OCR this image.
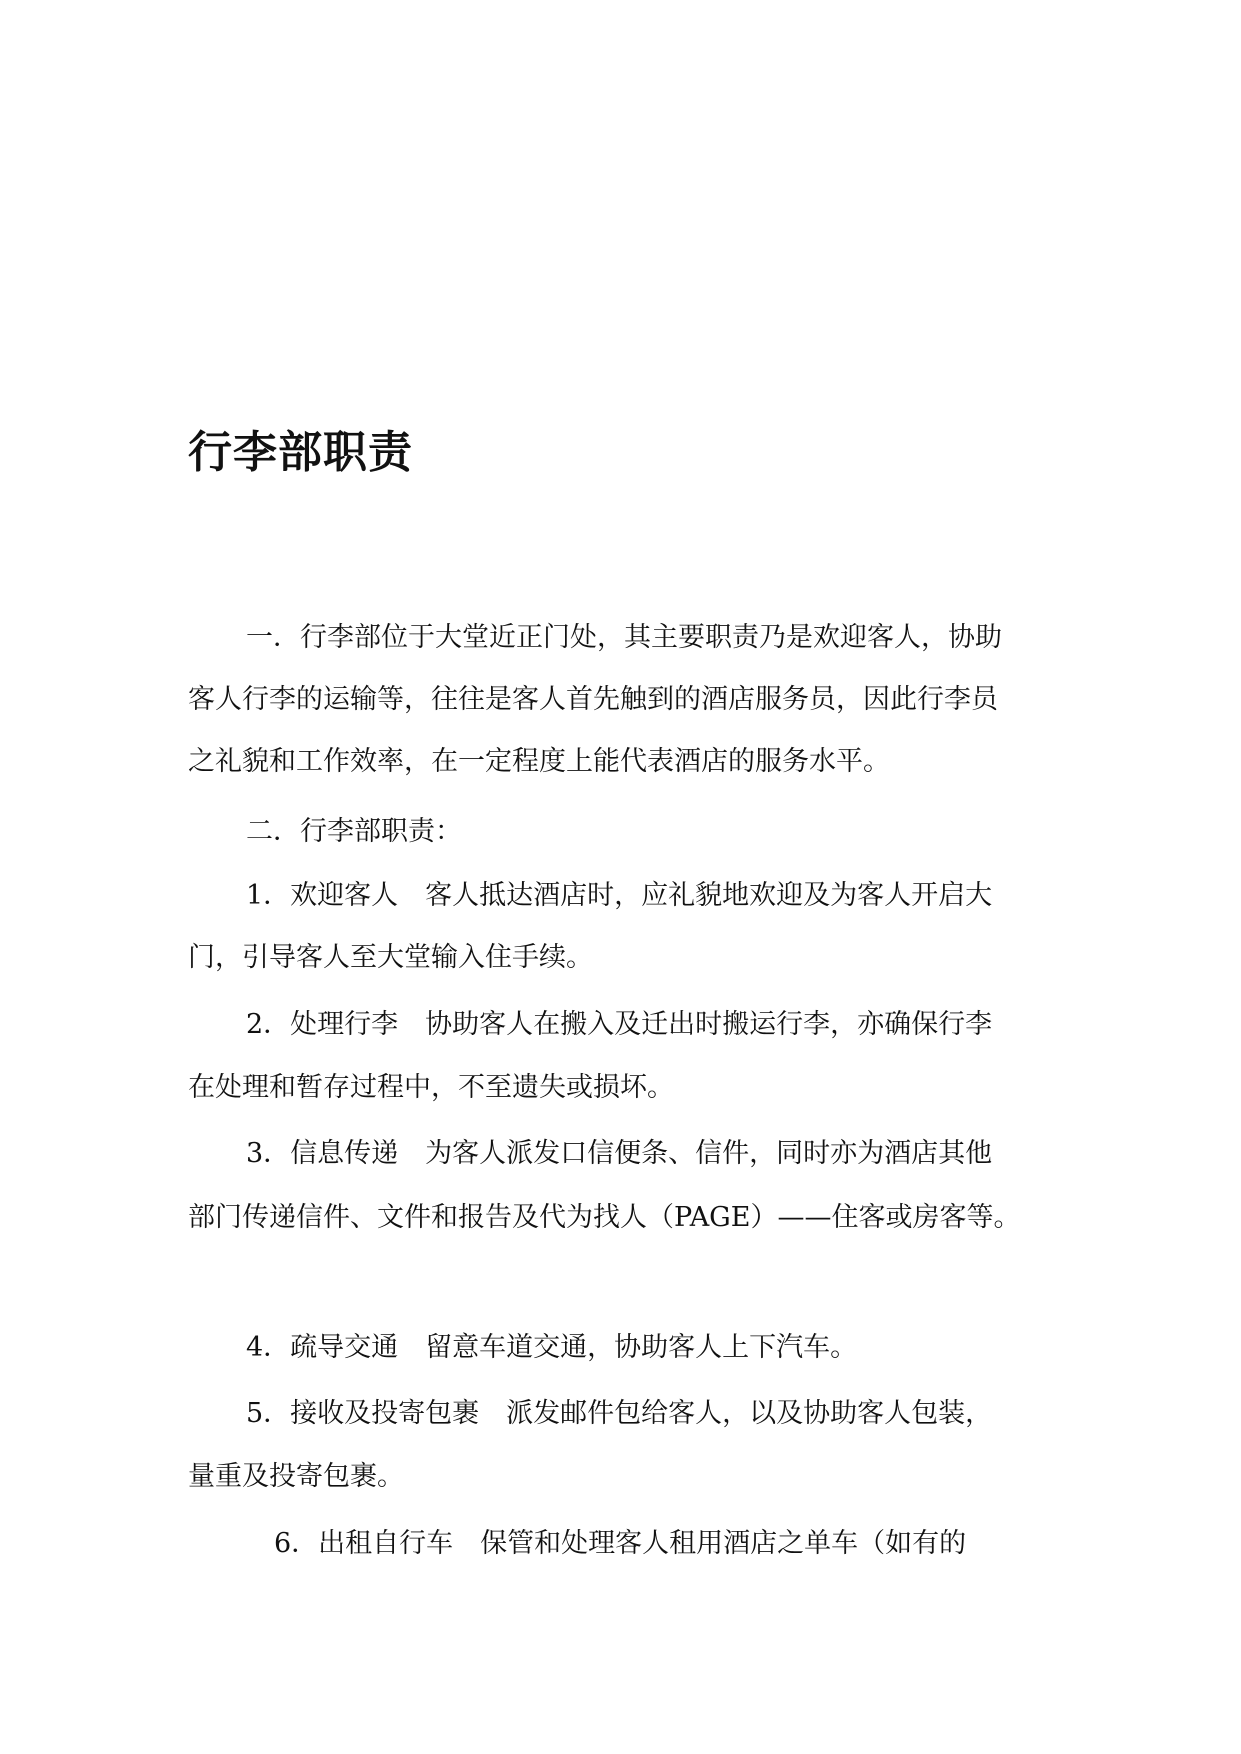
行李部职责

一．行李部位于大堂近正门处，其主要职责乃是欢迎客人，协助

客人行李的运输等，往往是客人首先触到的酒店服务员，因此行李员

之礼貌和工作效率，在一定程度上能代表酒店的服务水平。

二．行李部职责：

1．欢迎客人　客人抵达酒店时，应礼貌地欢迎及为客人开启大

门，引导客人至大堂输入住手续。

2．处理行李　协助客人在搬入及迁出时搬运行李，亦确保行李

在处理和暂存过程中，不至遗失或损坏。

3．信息传递　为客人派发口信便条、信件，同时亦为酒店其他

部门传递信件、文件和报告及代为找人（PAGE）——住客或房客等。

4．疏导交通　留意车道交通，协助客人上下汽车。

5．接收及投寄包裹　派发邮件包给客人，以及协助客人包装，

量重及投寄包裹。

6．出租自行车　保管和处理客人租用酒店之单车（如有的
